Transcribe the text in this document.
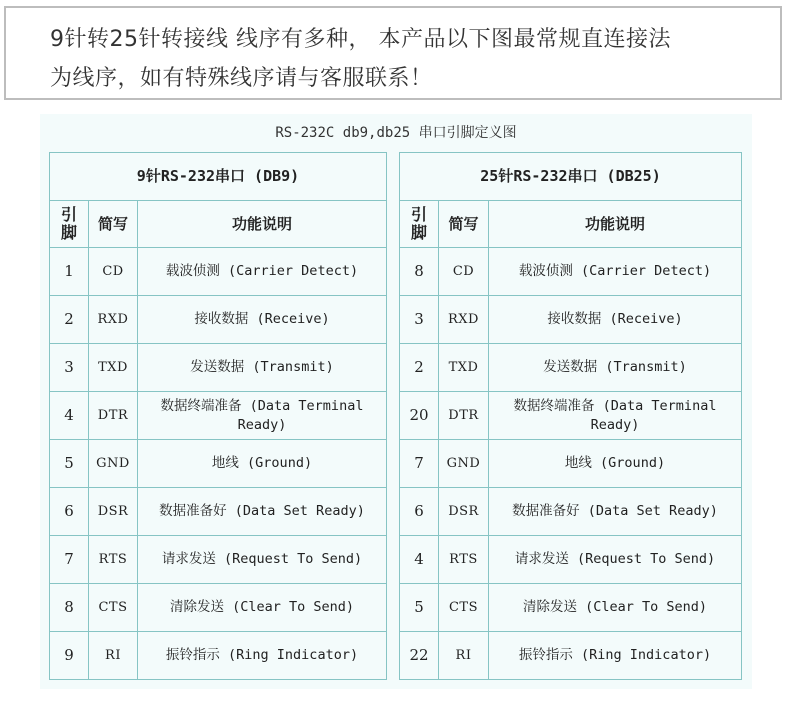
9针转25针转接线 线序有多种， 本产品以下图最常规直连接法

为线序，如有特殊线序请与客服联系！

RS-232C db9,db25 串口引脚定义图
9针RS-232串口 (DB9)		
引脚	简写	功能说明
1	CD	载波侦测 (Carrier Detect)
2	RXD	接收数据 (Receive)
3	TXD	发送数据 (Transmit)
4	DTR	数据终端准备 (Data Terminal Ready)
5	GND	地线 (Ground)
6	DSR	数据准备好 (Data Set Ready)
7	RTS	请求发送 (Request To Send)
8	CTS	清除发送 (Clear To Send)
9	RI	振铃指示 (Ring Indicator)
25针RS-232串口 (DB25)		
引脚	简写	功能说明
8	CD	载波侦测 (Carrier Detect)
3	RXD	接收数据 (Receive)
2	TXD	发送数据 (Transmit)
20	DTR	数据终端准备 (Data Terminal Ready)
7	GND	地线 (Ground)
6	DSR	数据准备好 (Data Set Ready)
4	RTS	请求发送 (Request To Send)
5	CTS	清除发送 (Clear To Send)
22	RI	振铃指示 (Ring Indicator)
